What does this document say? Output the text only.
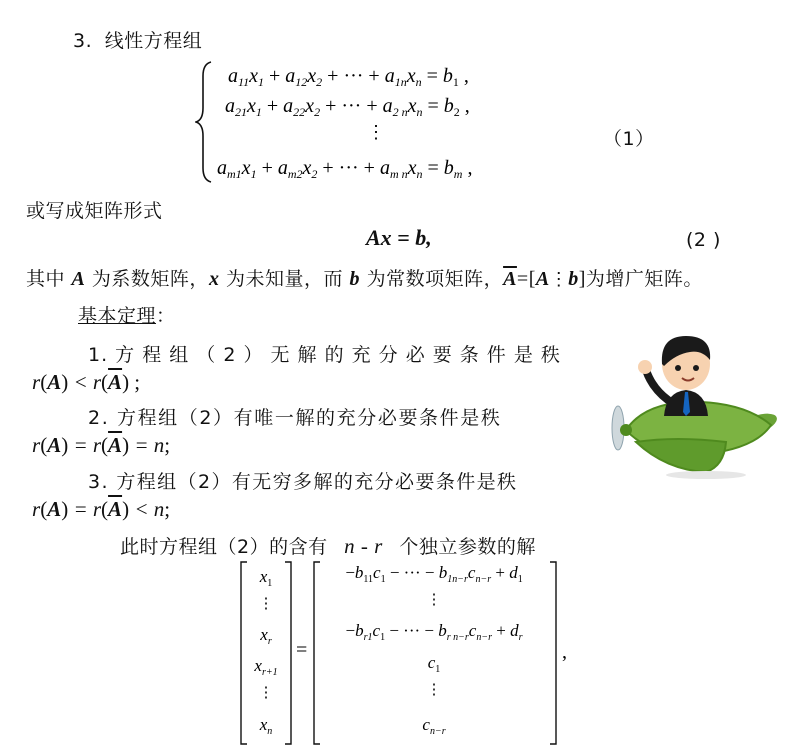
3. 线性方程组
$a_{11}x_1 + a_{12}x_2$ + ··· + $a_{1n}x_n = b_1$ ,
$a_{21}x_1 + a_{22}x_2$ + ··· + $a_{2 n}x_n = b_2$ ,
⋮
$a_{m1}x_1 + a_{m2}x_2$ + ··· + $a_{m n}x_n = b_m$ ,
（1）
或写成矩阵形式
Ax = b,	(2 )
其中 A 为系数矩阵，x 为未知量，而 b 为常数项矩阵，$\overline{A}=[A⋮b]$为增广矩阵。
基本定理：
1. 方 程 组 （ 2 ） 无 解 的 充 分 必 要 条 件 是 秩
$r(A) < r(\overline{A})$ ;
2. 方程组（2）有唯一解的充分必要条件是秩
$r(A) = r(\overline{A}) = n$;
3. 方程组（2）有无穷多解的充分必要条件是秩
$r(A) = r(\overline{A}) < n$;
此时方程组（2）的含有 n - r 个独立参数的解
$x_1$
⋮
$x_r$
$x_{r+1}$
⋮
$x_n$
=
$-b_{11}c_1$ − ··· − $b_{1n-r}c_{n-r} + d_1$
⋮
$-b_{r1}c_1$ − ··· − $b_{r n-r}c_{n-r} + d_r$
$c_1$
⋮
$c_{n-r}$
,
